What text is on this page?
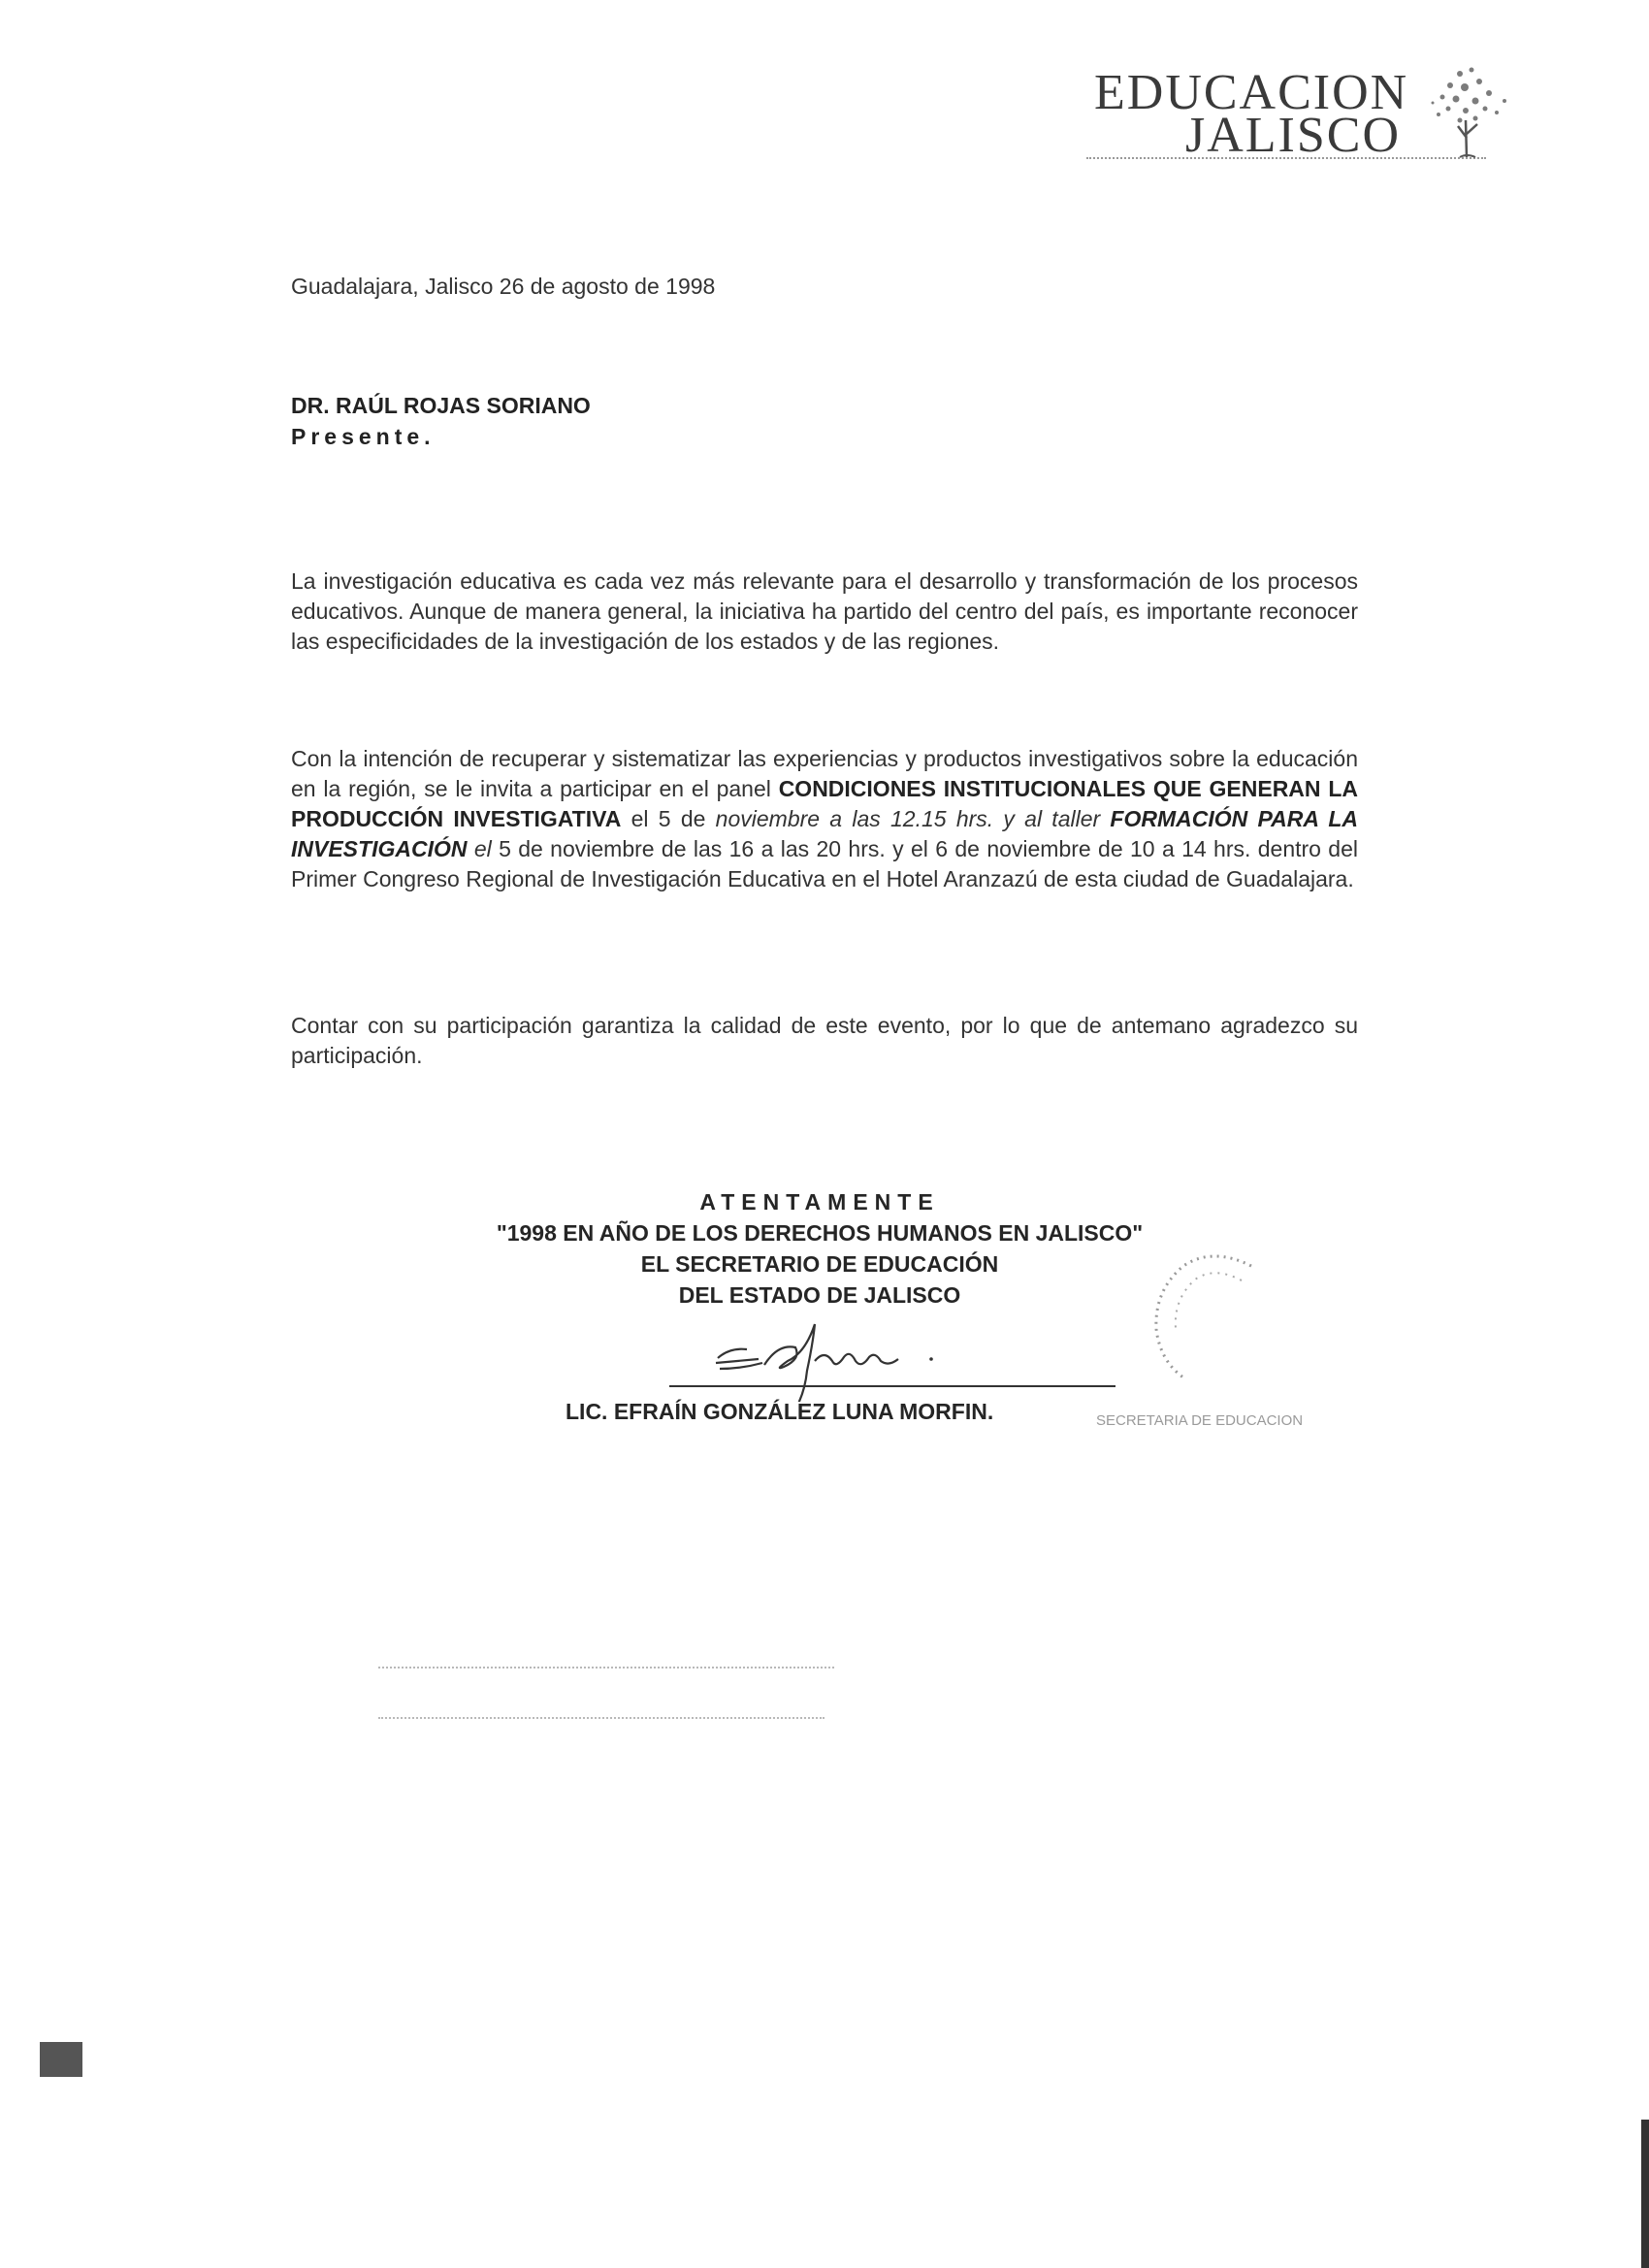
EDUCACION
JALISCO
Guadalajara, Jalisco 26 de agosto de 1998
DR. RAÚL ROJAS SORIANO
Presente.
La investigación educativa es cada vez más relevante para el desarrollo y transformación de los procesos educativos. Aunque de manera general, la iniciativa ha partido del centro del país, es importante reconocer las especificidades de la investigación de los estados y de las regiones.
Con la intención de recuperar y sistematizar las experiencias y productos investigativos sobre la educación en la región, se le invita a participar en el panel CONDICIONES INSTITUCIONALES QUE GENERAN LA PRODUCCIÓN INVESTIGATIVA el 5 de noviembre a las 12.15 hrs. y al taller FORMACIÓN PARA LA INVESTIGACIÓN el 5 de noviembre de las 16 a las 20 hrs. y el 6 de noviembre de 10 a 14 hrs. dentro del Primer Congreso Regional de Investigación Educativa en el Hotel Aranzazú de esta ciudad de Guadalajara.
Contar con su participación garantiza la calidad de este evento, por lo que de antemano agradezco su participación.
ATENTAMENTE
"1998 EN AÑO DE LOS DERECHOS HUMANOS EN JALISCO"
EL SECRETARIO DE EDUCACIÓN
DEL ESTADO DE JALISCO
LIC. EFRAÍN GONZÁLEZ LUNA MORFIN.	SECRETARIA DE EDUCACION
